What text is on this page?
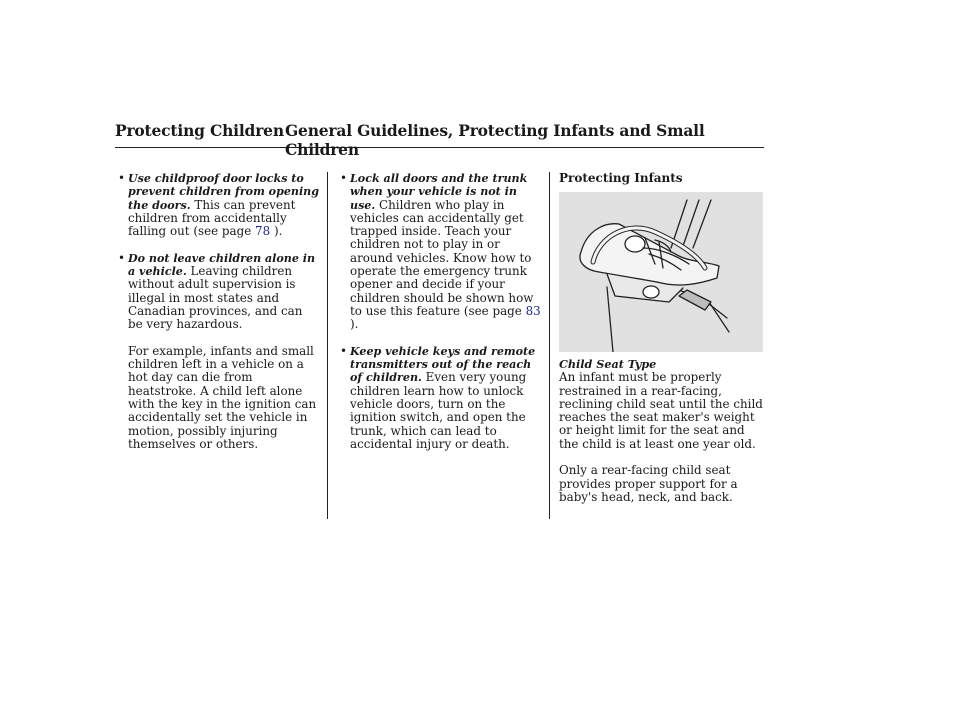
Protecting Children General Guidelines, Protecting Infants and Small Children

• Use childproof door locks to prevent children from opening the doors. This can prevent children from accidentally falling out (see page 78 ).

• Do not leave children alone in a vehicle. Leaving children without adult supervision is illegal in most states and Canadian provinces, and can be very hazardous.

For example, infants and small children left in a vehicle on a hot day can die from heatstroke. A child left alone with the key in the ignition can accidentally set the vehicle in motion, possibly injuring themselves or others.

• Lock all doors and the trunk when your vehicle is not in use. Children who play in vehicles can accidentally get trapped inside. Teach your children not to play in or around vehicles. Know how to operate the emergency trunk opener and decide if your children should be shown how to use this feature (see page 83 ).

• Keep vehicle keys and remote transmitters out of the reach of children. Even very young children learn how to unlock vehicle doors, turn on the ignition switch, and open the trunk, which can lead to accidental injury or death.

Protecting Infants

Child Seat Type

An infant must be properly restrained in a rear-facing, reclining child seat until the child reaches the seat maker's weight or height limit for the seat and the child is at least one year old.

Only a rear-facing child seat provides proper support for a baby's head, neck, and back.
